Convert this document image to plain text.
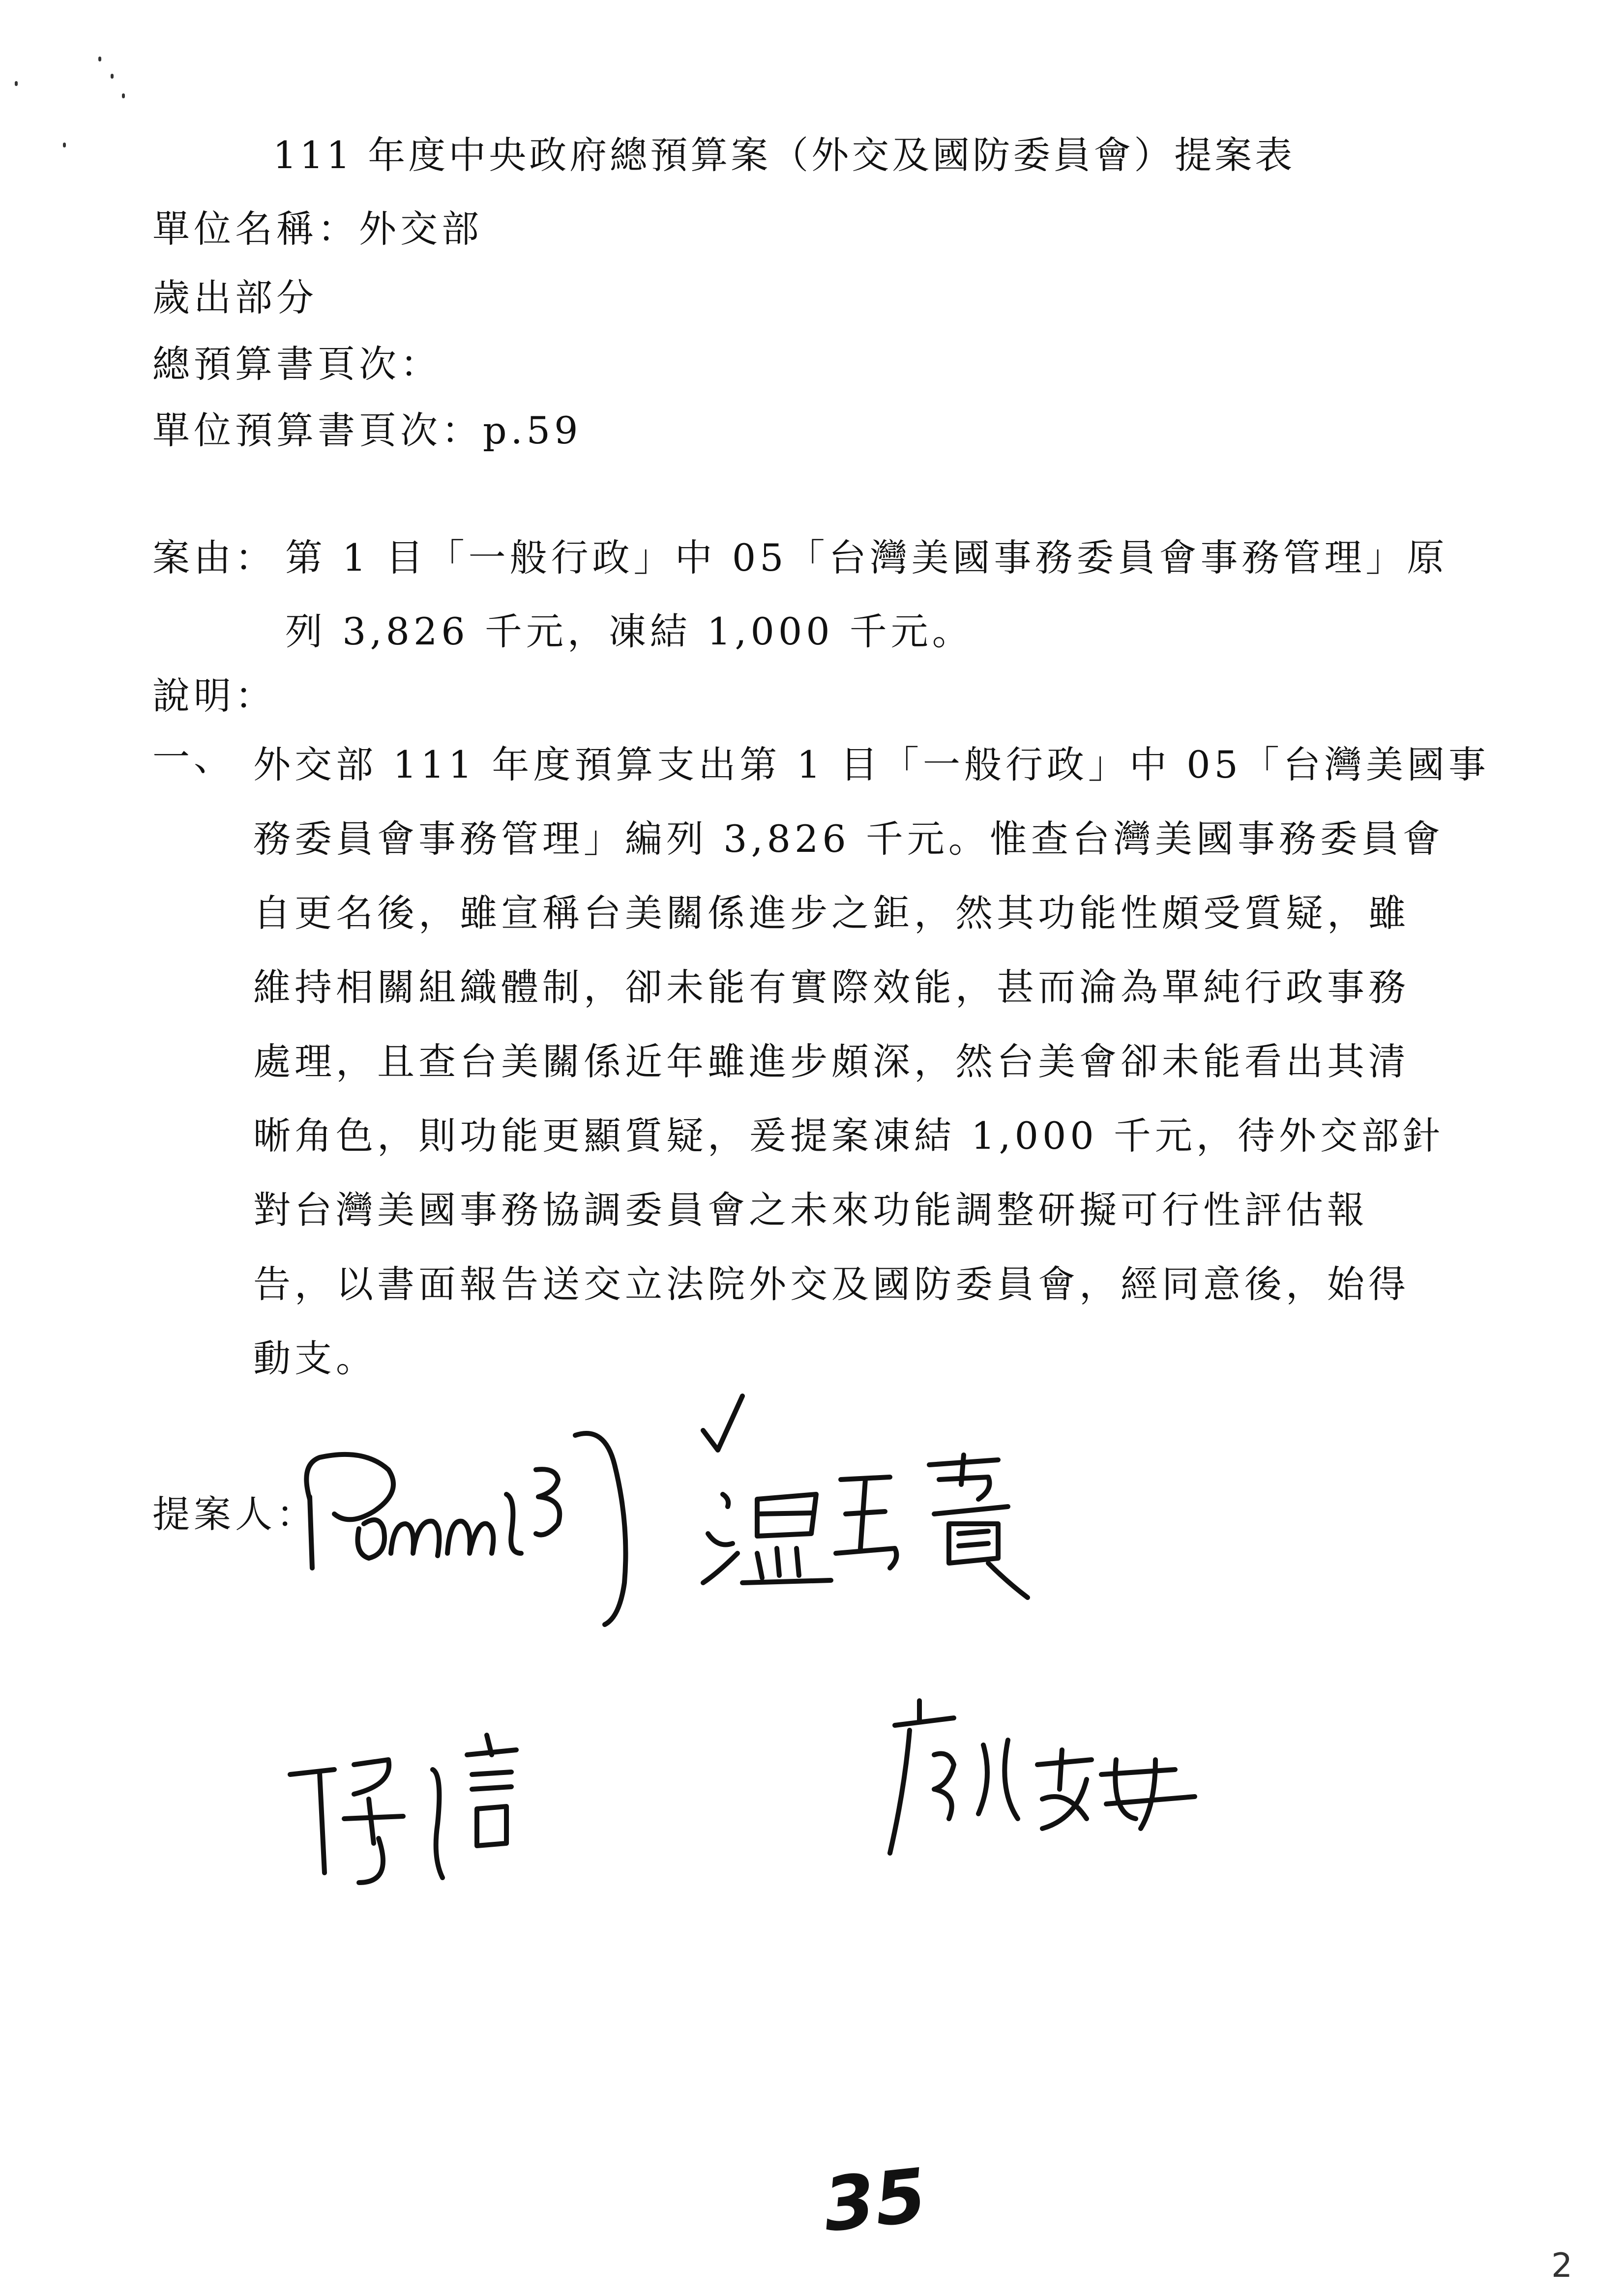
111 年度中央政府總預算案（外交及國防委員會）提案表
單位名稱：外交部
歲出部分
總預算書頁次：
單位預算書頁次：p.59
案由： 第 1 目「一般行政」中 05「台灣美國事務委員會事務管理」原
列 3,826 千元，凍結 1,000 千元。
說明：
一、 外交部 111 年度預算支出第 1 目「一般行政」中 05「台灣美國事
務委員會事務管理」編列 3,826 千元。惟查台灣美國事務委員會
自更名後，雖宣稱台美關係進步之鉅，然其功能性頗受質疑，雖
維持相關組織體制，卻未能有實際效能，甚而淪為單純行政事務
處理，且查台美關係近年雖進步頗深，然台美會卻未能看出其清
晰角色，則功能更顯質疑，爰提案凍結 1,000 千元，待外交部針
對台灣美國事務協調委員會之未來功能調整研擬可行性評估報
告，以書面報告送交立法院外交及國防委員會，經同意後，始得
動支。
提案人：
35
2
